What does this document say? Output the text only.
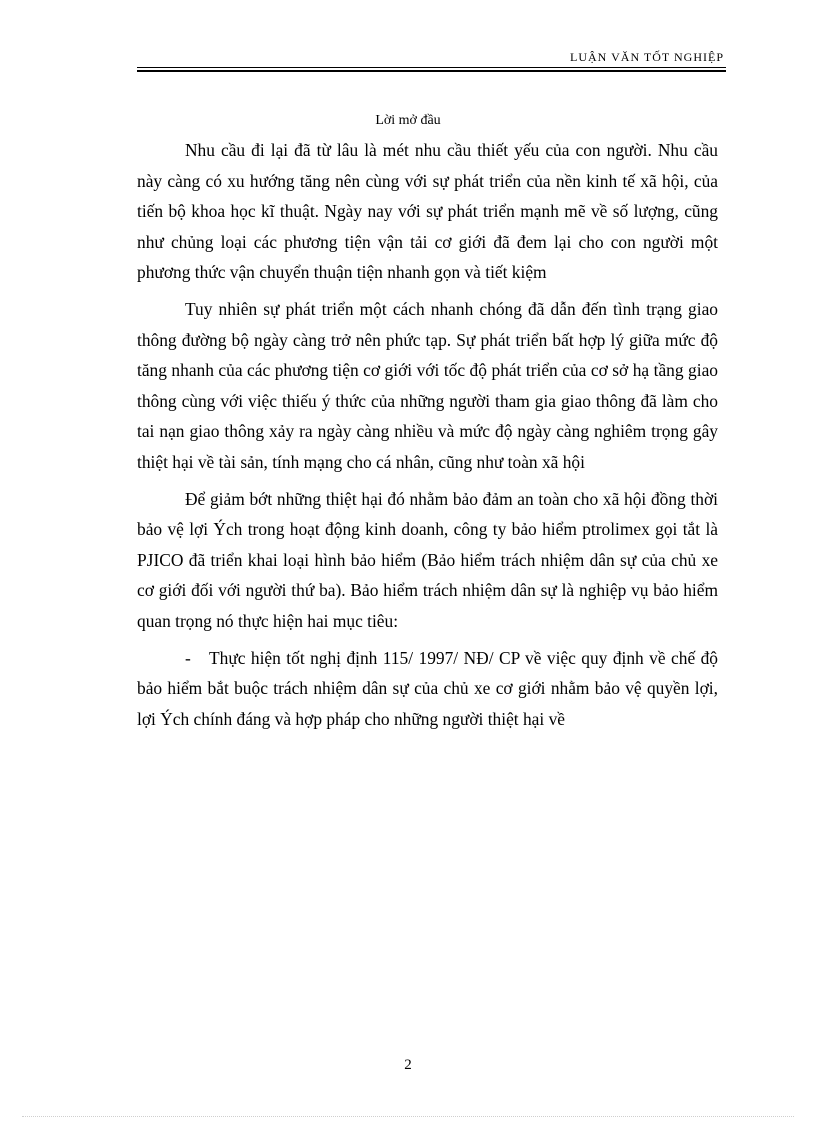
LUẬN VĂN TỐT NGHIỆP
Lời mở đầu

Nhu cầu đi lại đã từ lâu là mét nhu cầu thiết yếu của con người. Nhu cầu này càng có xu hướng tăng nên cùng với sự phát triển của nền kinh tế xã hội, của tiến bộ khoa học kĩ thuật. Ngày nay với sự phát triển mạnh mẽ về số lượng, cũng như chủng loại các phương tiện vận tải cơ giới đã đem lại cho con người một phương thức vận chuyển thuận tiện nhanh gọn và tiết kiệm

Tuy nhiên sự phát triển một cách nhanh chóng đã dẫn đến tình trạng giao thông đường bộ ngày càng trở nên phức tạp. Sự phát triển bất hợp lý giữa mức độ tăng nhanh của các phương tiện cơ giới với tốc độ phát triển của cơ sở hạ tầng giao thông cùng với việc thiếu ý thức của những người tham gia giao thông đã làm cho tai nạn giao thông xảy ra ngày càng nhiều và mức độ ngày càng nghiêm trọng gây thiệt hại về tài sản, tính mạng cho cá nhân, cũng như toàn xã hội

Để giảm bớt những thiệt hại đó nhằm bảo đảm an toàn cho xã hội đồng thời bảo vệ lợi Ých trong hoạt động kinh doanh, công ty bảo hiểm ptrolimex gọi tắt là PJICO đã triển khai loại hình bảo hiểm (Bảo hiểm trách nhiệm dân sự của chủ xe cơ giới đối với người thứ ba). Bảo hiểm trách nhiệm dân sự là nghiệp vụ bảo hiểm quan trọng nó thực hiện hai mục tiêu:

- Thực hiện tốt nghị định 115/ 1997/ NĐ/ CP về việc quy định về chế độ bảo hiểm bắt buộc trách nhiệm dân sự của chủ xe cơ giới nhằm bảo vệ quyền lợi, lợi Ých chính đáng và hợp pháp cho những người thiệt hại về

2
